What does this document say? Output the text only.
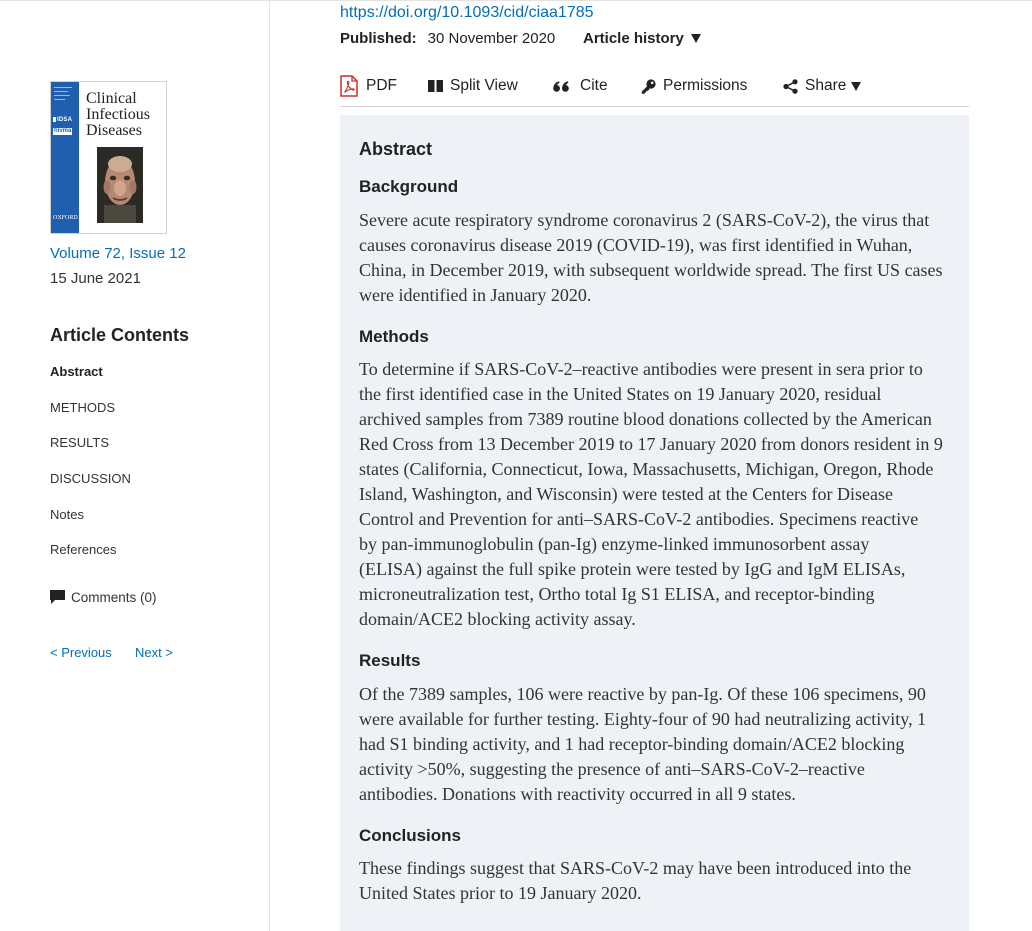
IDSA
hivma
OXFORD
Clinical
Infectious
Diseases
Volume 72, Issue 12
15 June 2021
Article Contents
Abstract
METHODS
RESULTS
DISCUSSION
Notes
References
Comments (0)
< Previous Next >
https://doi.org/10.1093/cid/ciaa1785
Published: 30 November 2020 Article history
PDF	Split View	Cite	Permissions	Share
Abstract
Background

Severe acute respiratory syndrome coronavirus 2 (SARS-CoV-2), the virus that
causes coronavirus disease 2019 (COVID-19), was first identified in Wuhan,
China, in December 2019, with subsequent worldwide spread. The first US cases
were identified in January 2020.

Methods

To determine if SARS-CoV-2–reactive antibodies were present in sera prior to
the first identified case in the United States on 19 January 2020, residual
archived samples from 7389 routine blood donations collected by the American
Red Cross from 13 December 2019 to 17 January 2020 from donors resident in 9
states (California, Connecticut, Iowa, Massachusetts, Michigan, Oregon, Rhode
Island, Washington, and Wisconsin) were tested at the Centers for Disease
Control and Prevention for anti–SARS-CoV-2 antibodies. Specimens reactive
by pan-immunoglobulin (pan-Ig) enzyme-linked immunosorbent assay
(ELISA) against the full spike protein were tested by IgG and IgM ELISAs,
microneutralization test, Ortho total Ig S1 ELISA, and receptor-binding
domain/ACE2 blocking activity assay.

Results

Of the 7389 samples, 106 were reactive by pan-Ig. Of these 106 specimens, 90
were available for further testing. Eighty-four of 90 had neutralizing activity, 1
had S1 binding activity, and 1 had receptor-binding domain/ACE2 blocking
activity >50%, suggesting the presence of anti–SARS-CoV-2–reactive
antibodies. Donations with reactivity occurred in all 9 states.

Conclusions

These findings suggest that SARS-CoV-2 may have been introduced into the
United States prior to 19 January 2020.
